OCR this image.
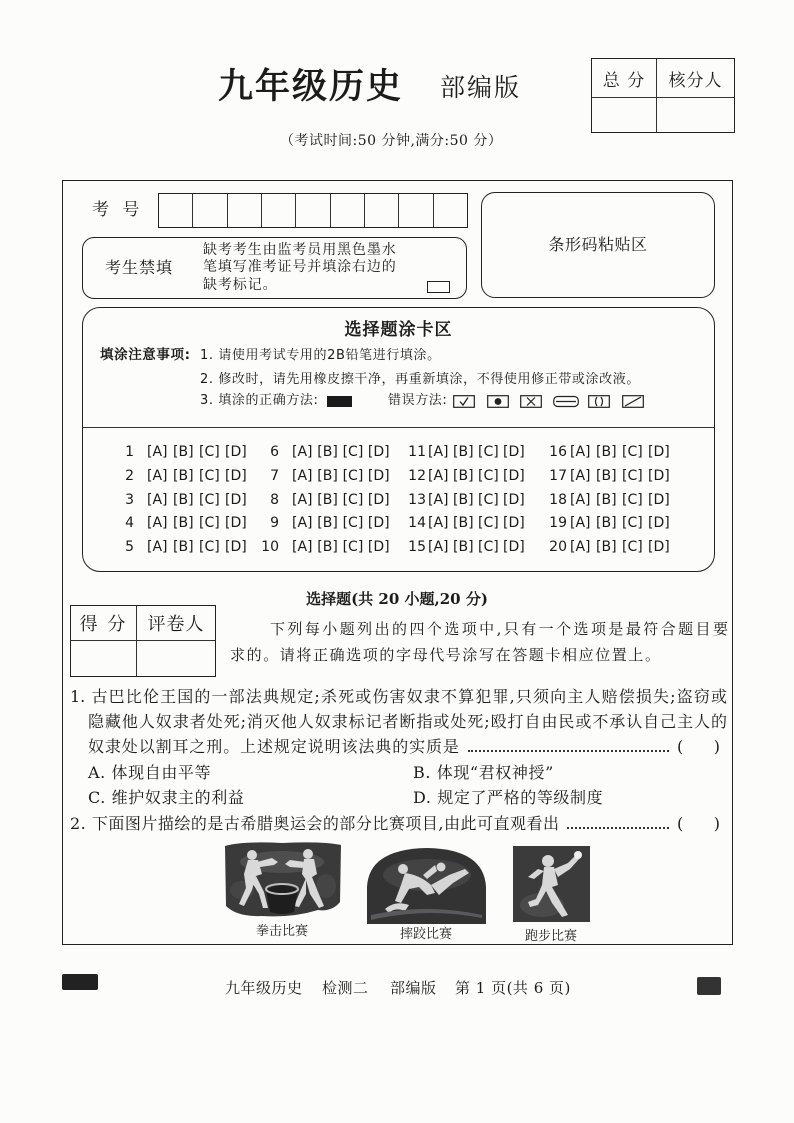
九年级历史 部编版	总 分	核分人
（考试时间:50 分钟,满分:50 分）
考 号
考生禁填
缺考考生由监考员用黑色墨水
笔填写准考证号并填涂右边的
缺考标记。
条形码粘贴区
选择题涂卡区
填涂注意事项: 1. 请使用考试专用的2B铅笔进行填涂。
2. 修改时，请先用橡皮擦干净，再重新填涂，不得使用修正带或涂改液。
3. 填涂的正确方法:	错误方法:
选择题(共 20 小题,20 分)
得 分	评卷人	下列每小题列出的四个选项中,只有一个选项是最符合题目要
求的。请将正确选项的字母代号涂写在答题卡相应位置上。
1. 古巴比伦王国的一部法典规定;杀死或伤害奴隶不算犯罪,只须向主人赔偿损失;盗窃或
隐藏他人奴隶者处死;消灭他人奴隶标记者断指或处死;殴打自由民或不承认自己主人的
奴隶处以割耳之刑。上述规定说明该法典的实质是	(      )
A. 体现自由平等	B. 体现“君权神授”
C. 维护奴隶主的利益	D. 规定了严格的等级制度
2. 下面图片描绘的是古希腊奥运会的部分比赛项目,由此可直观看出	(      )
拳击比赛	摔跤比赛	跑步比赛
九年级历史 检测二 部编版 第 1 页(共 6 页)
1 [A] [B] [C] [D]
2 [A] [B] [C] [D]
3 [A] [B] [C] [D]
4 [A] [B] [C] [D]
5 [A] [B] [C] [D]
6 [A] [B] [C] [D]
7 [A] [B] [C] [D]
8 [A] [B] [C] [D]
9 [A] [B] [C] [D]
10 [A] [B] [C] [D]
11 [A] [B] [C] [D]
12 [A] [B] [C] [D]
13 [A] [B] [C] [D]
14 [A] [B] [C] [D]
15 [A] [B] [C] [D]
16 [A] [B] [C] [D]
17 [A] [B] [C] [D]
18 [A] [B] [C] [D]
19 [A] [B] [C] [D]
20 [A] [B] [C] [D]
